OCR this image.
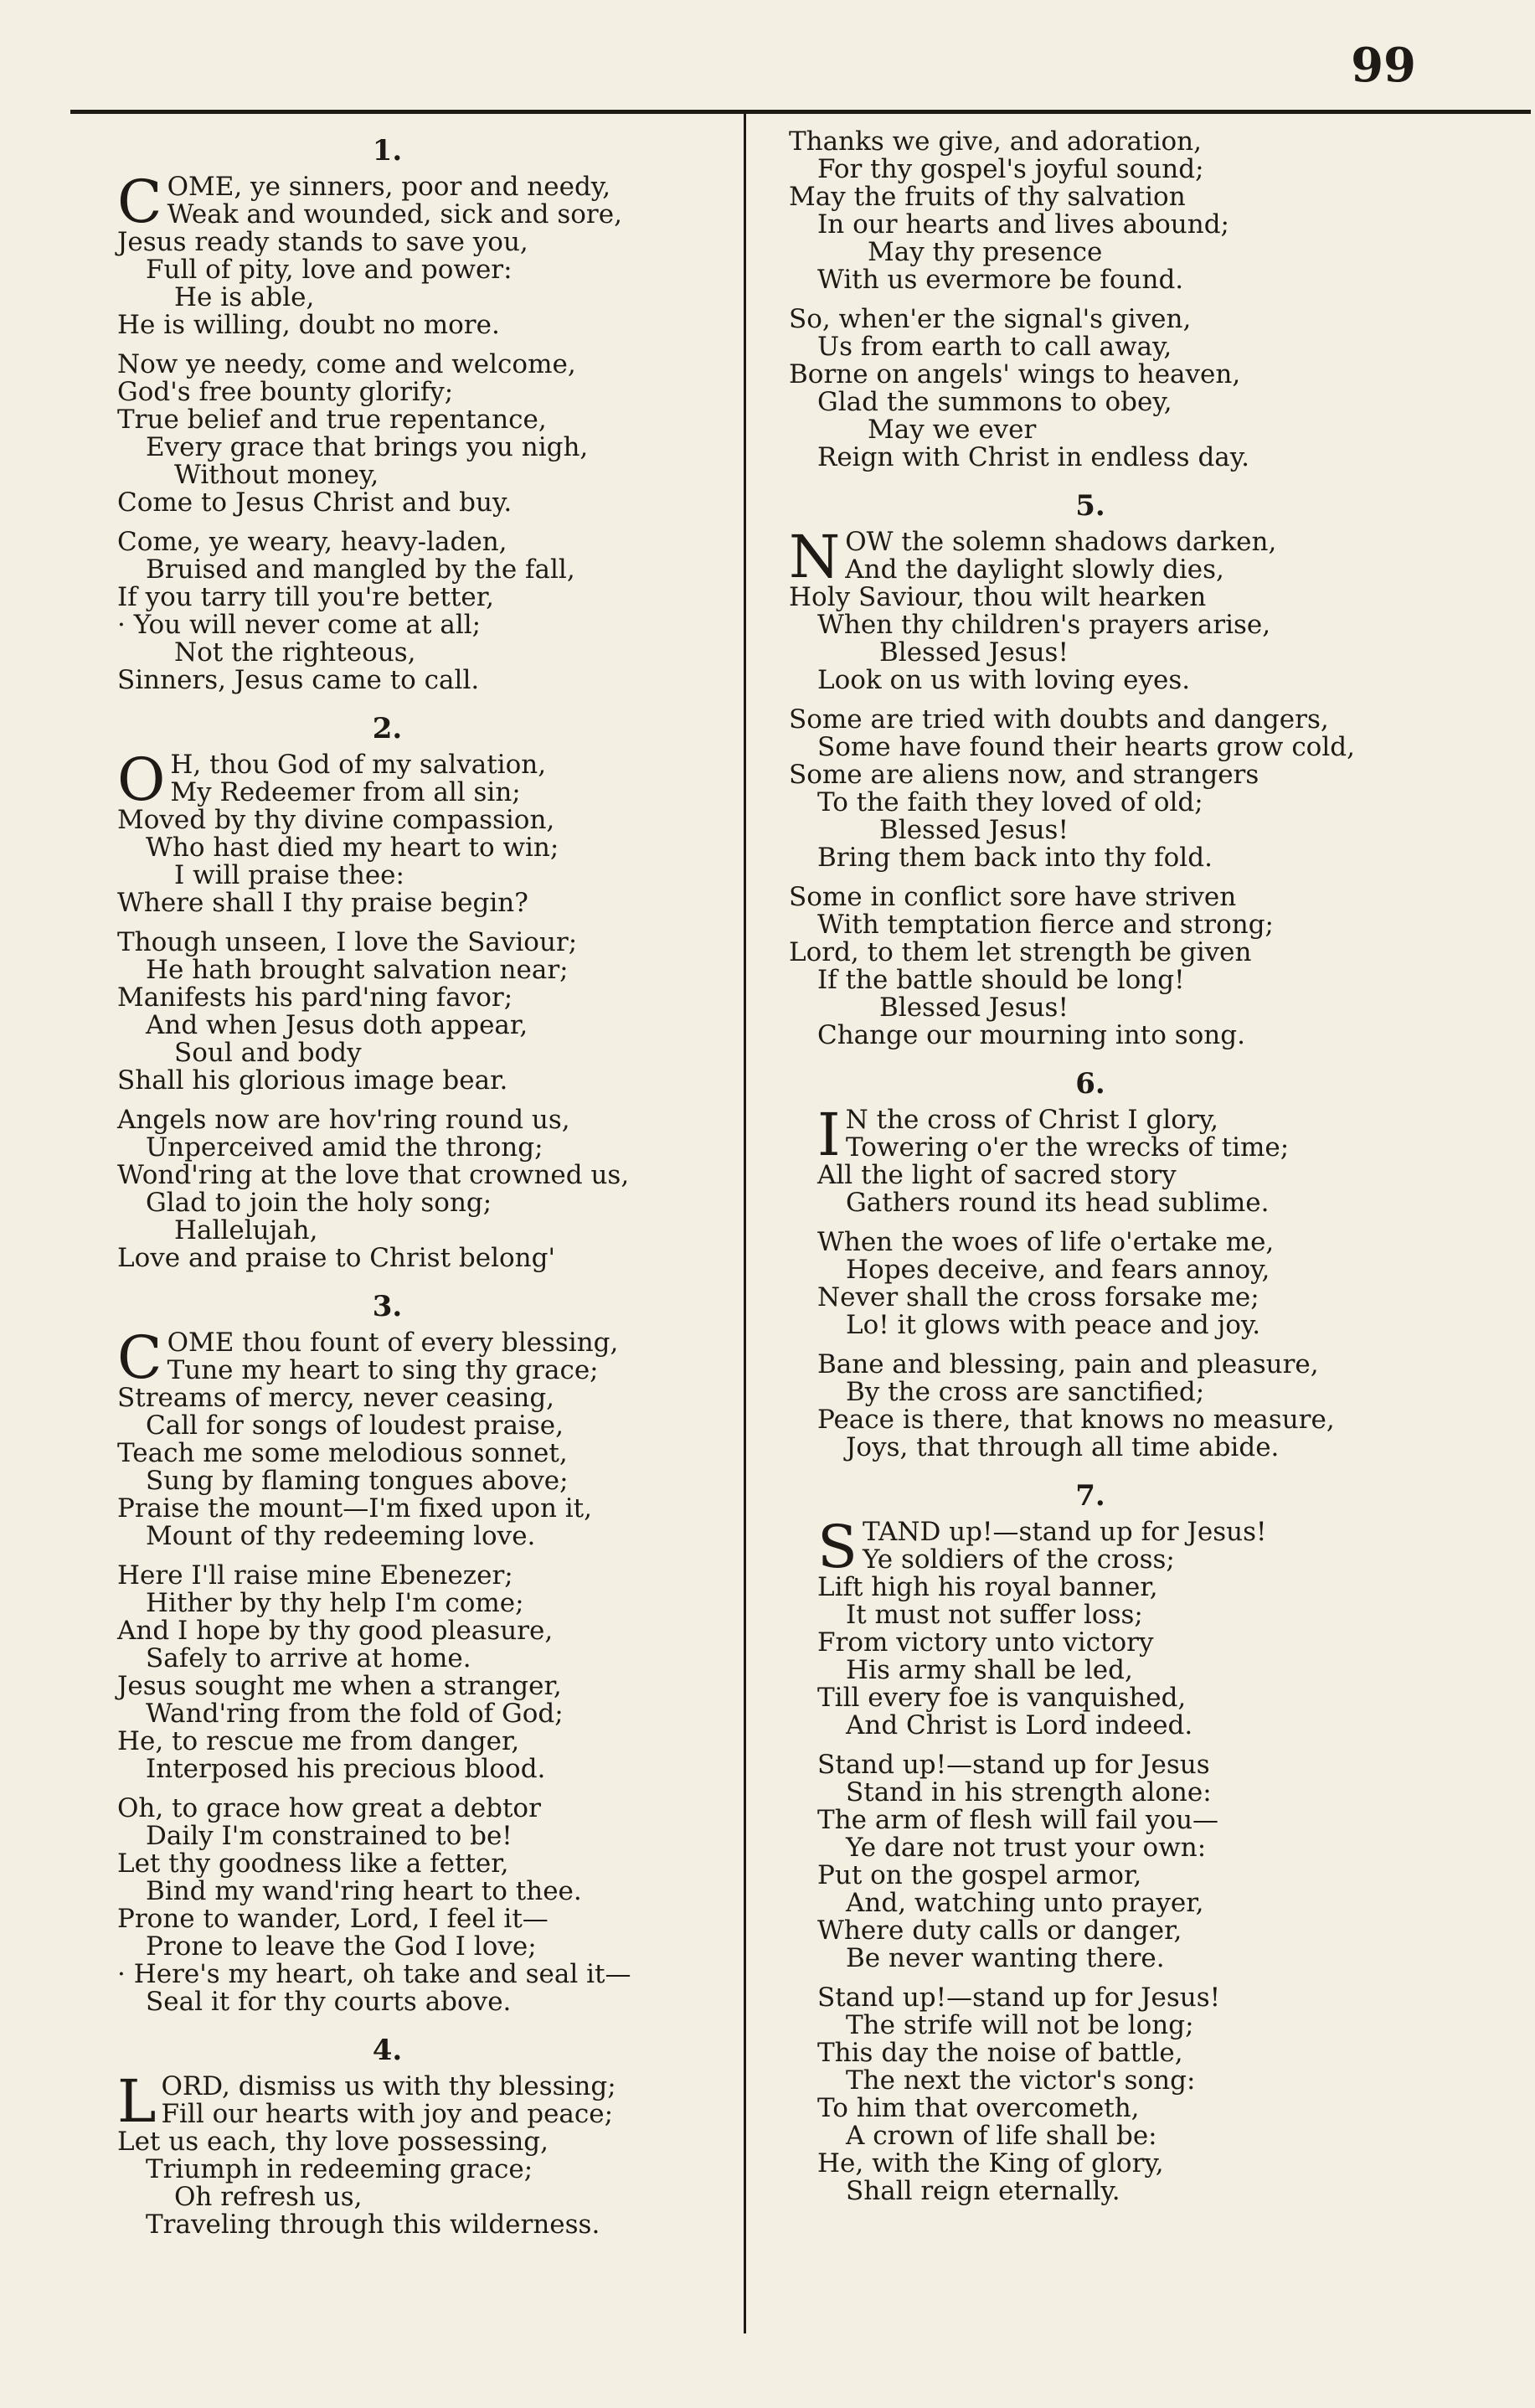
99
1.
COME, ye sinners, poor and needy,
Weak and wounded, sick and sore,
Jesus ready stands to save you,
Full of pity, love and power:
He is able,
He is willing, doubt no more.
Now ye needy, come and welcome,
God's free bounty glorify;
True belief and true repentance,
Every grace that brings you nigh,
Without money,
Come to Jesus Christ and buy.
Come, ye weary, heavy-laden,
Bruised and mangled by the fall,
If you tarry till you're better,
· You will never come at all;
Not the righteous,
Sinners, Jesus came to call.
2.
O H, thou God of my salvation,
My Redeemer from all sin;
Moved by thy divine compassion,
Who hast died my heart to win;
I will praise thee:
Where shall I thy praise begin?
Though unseen, I love the Saviour;
He hath brought salvation near;
Manifests his pard'ning favor;
And when Jesus doth appear,
Soul and body
Shall his glorious image bear.
Angels now are hov'ring round us,
Unperceived amid the throng;
Wond'ring at the love that crowned us,
Glad to join the holy song;
Hallelujah,
Love and praise to Christ belong'
3.
COME thou fount of every blessing,
Tune my heart to sing thy grace;
Streams of mercy, never ceasing,
Call for songs of loudest praise,
Teach me some melodious sonnet,
Sung by flaming tongues above;
Praise the mount—I'm fixed upon it,
Mount of thy redeeming love.
Here I'll raise mine Ebenezer;
Hither by thy help I'm come;
And I hope by thy good pleasure,
Safely to arrive at home.
Jesus sought me when a stranger,
Wand'ring from the fold of God;
He, to rescue me from danger,
Interposed his precious blood.
Oh, to grace how great a debtor
Daily I'm constrained to be!
Let thy goodness like a fetter,
Bind my wand'ring heart to thee.
Prone to wander, Lord, I feel it—
Prone to leave the God I love;
· Here's my heart, oh take and seal it—
Seal it for thy courts above.
4.
LORD, dismiss us with thy blessing;
Fill our hearts with joy and peace;
Let us each, thy love possessing,
Triumph in redeeming grace;
Oh refresh us,
Traveling through this wilderness.
Thanks we give, and adoration,
For thy gospel's joyful sound;
May the fruits of thy salvation
In our hearts and lives abound;
May thy presence
With us evermore be found.
So, when'er the signal's given,
Us from earth to call away,
Borne on angels' wings to heaven,
Glad the summons to obey,
May we ever
Reign with Christ in endless day.
5.
NOW the solemn shadows darken,
And the daylight slowly dies,
Holy Saviour, thou wilt hearken
When thy children's prayers arise,
Blessed Jesus!
Look on us with loving eyes.
Some are tried with doubts and dangers,
Some have found their hearts grow cold,
Some are aliens now, and strangers
To the faith they loved of old;
Blessed Jesus!
Bring them back into thy fold.
Some in conflict sore have striven
With temptation fierce and strong;
Lord, to them let strength be given
If the battle should be long!
Blessed Jesus!
Change our mourning into song.
6.
I N the cross of Christ I glory,
Towering o'er the wrecks of time;
All the light of sacred story
Gathers round its head sublime.
When the woes of life o'ertake me,
Hopes deceive, and fears annoy,
Never shall the cross forsake me;
Lo! it glows with peace and joy.
Bane and blessing, pain and pleasure,
By the cross are sanctified;
Peace is there, that knows no measure,
Joys, that through all time abide.
7.
STAND up!—stand up for Jesus!
Ye soldiers of the cross;
Lift high his royal banner,
It must not suffer loss;
From victory unto victory
His army shall be led,
Till every foe is vanquished,
And Christ is Lord indeed.
Stand up!—stand up for Jesus
Stand in his strength alone:
The arm of flesh will fail you—
Ye dare not trust your own:
Put on the gospel armor,
And, watching unto prayer,
Where duty calls or danger,
Be never wanting there.
Stand up!—stand up for Jesus!
The strife will not be long;
This day the noise of battle,
The next the victor's song:
To him that overcometh,
A crown of life shall be:
He, with the King of glory,
Shall reign eternally.
